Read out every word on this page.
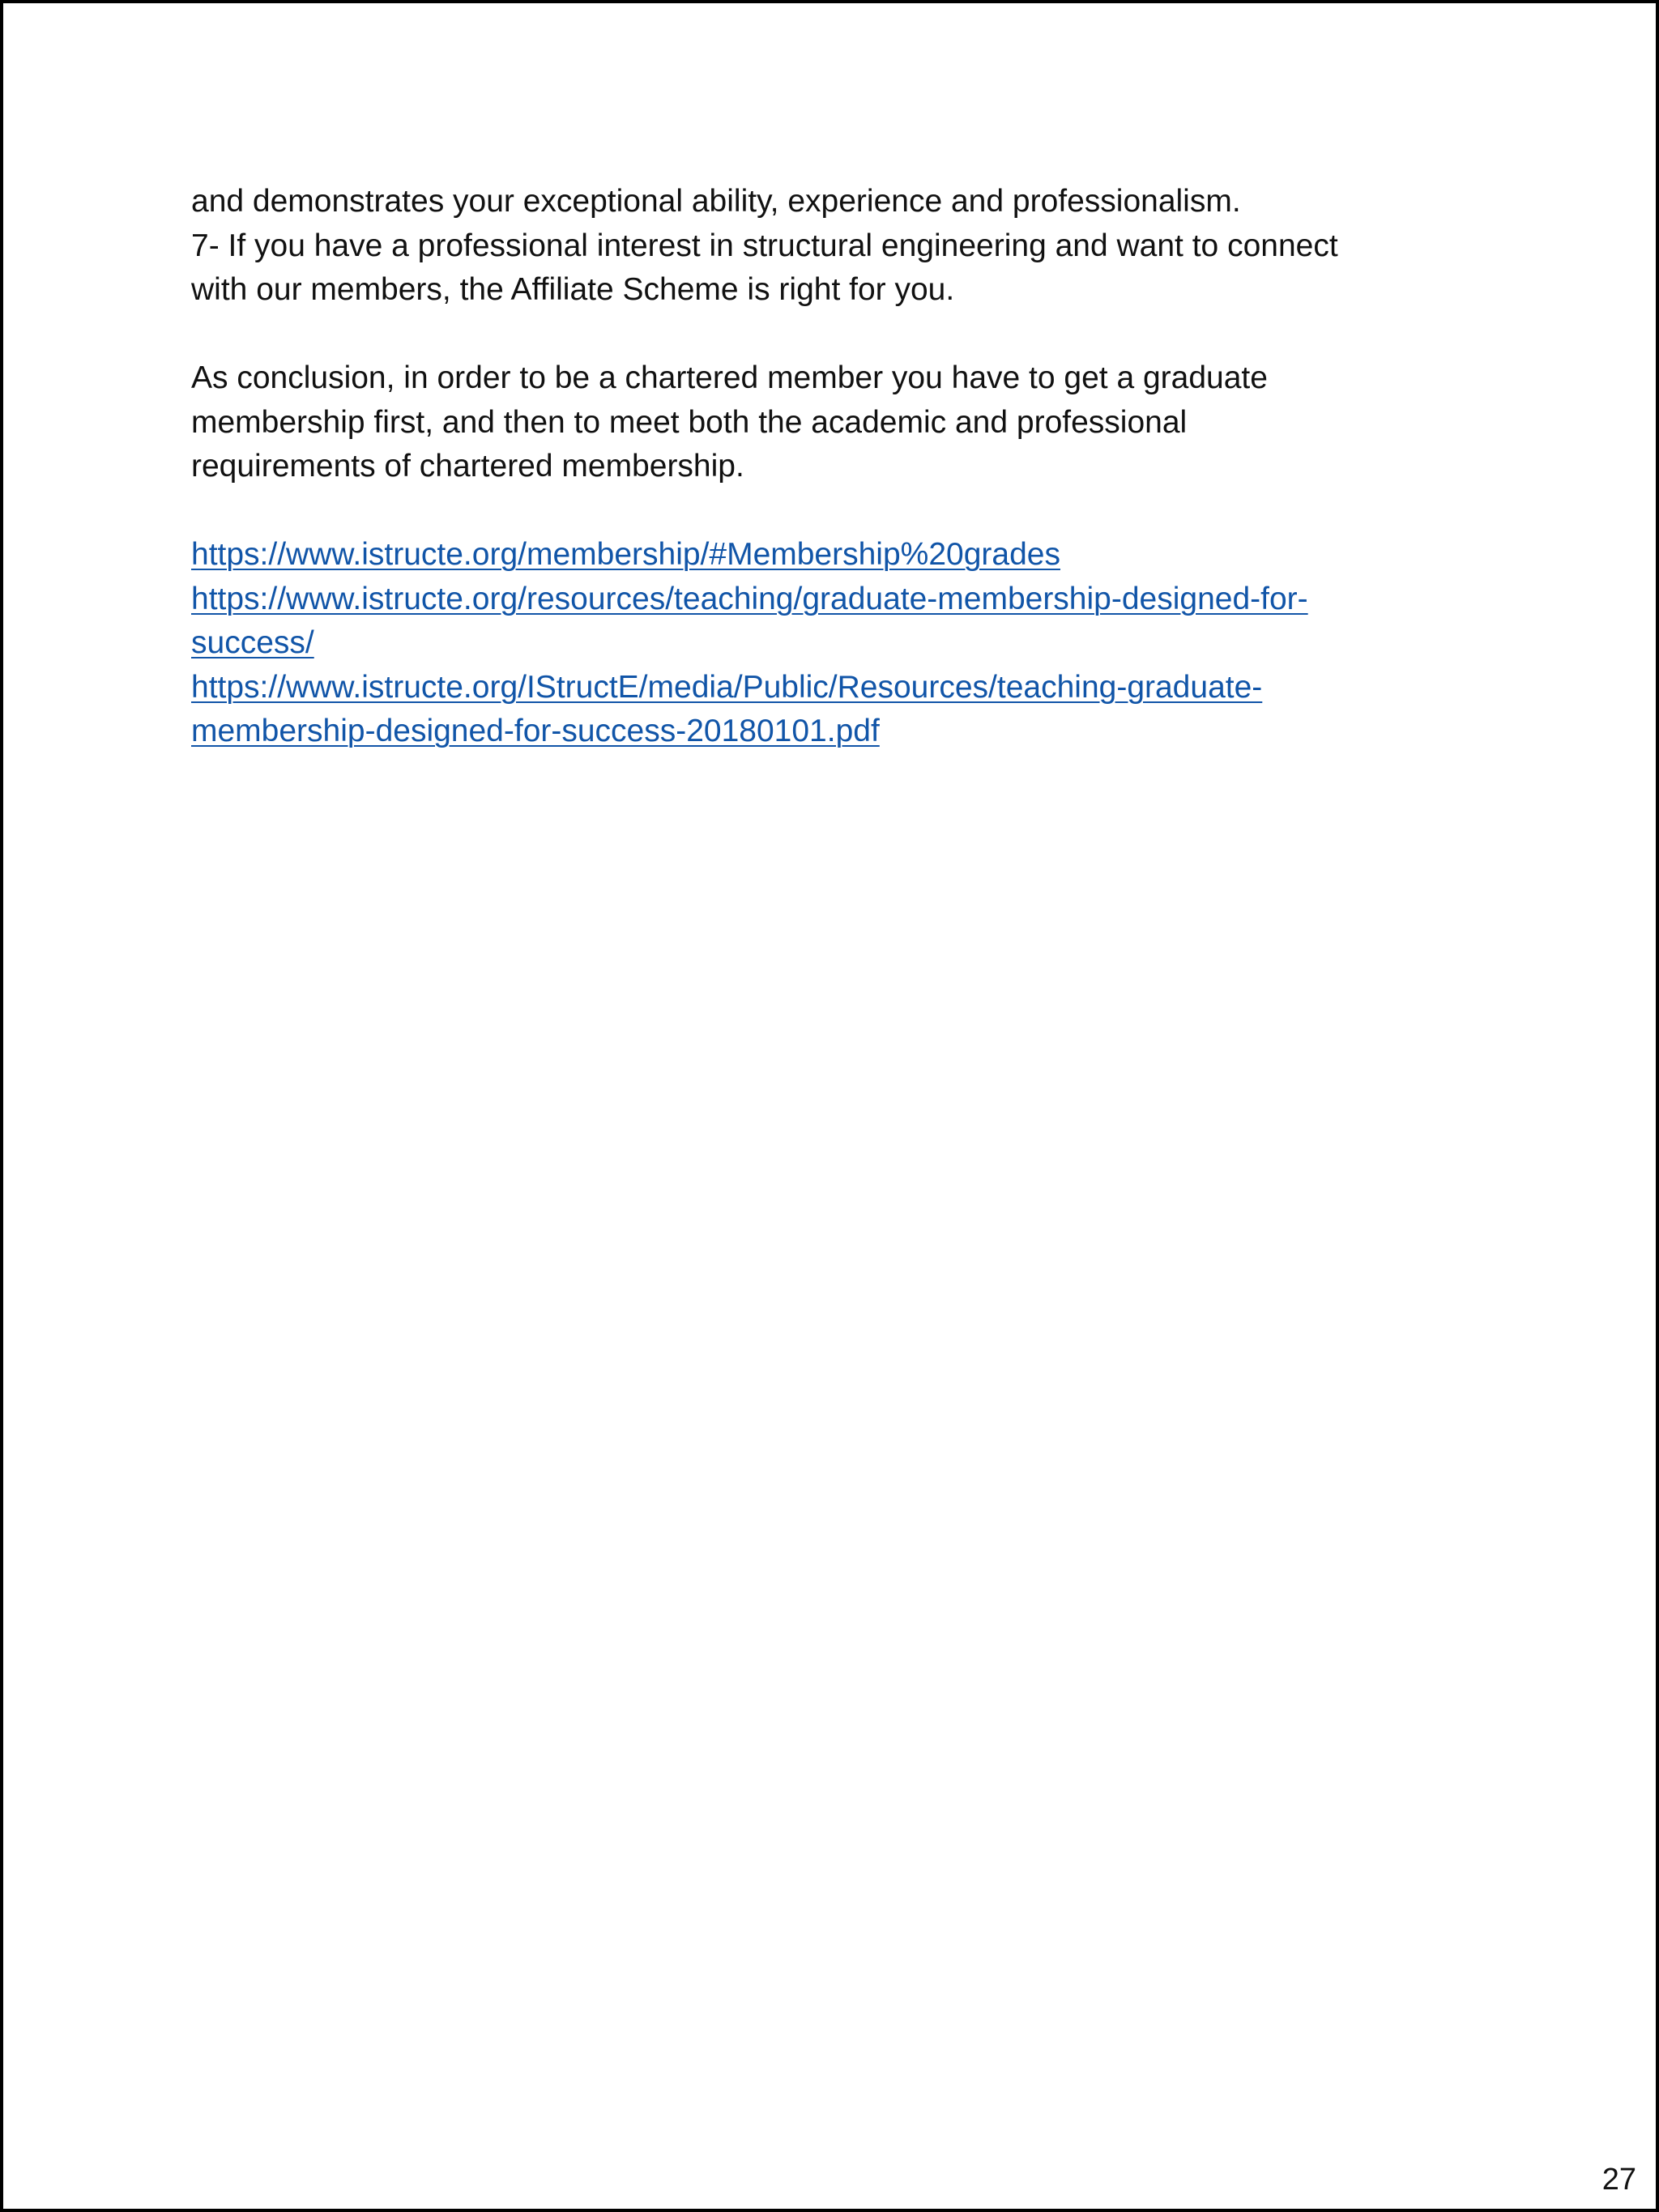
and demonstrates your exceptional ability, experience and professionalism.
7- If you have a professional interest in structural engineering and want to connect
with our members, the Affiliate Scheme is right for you.
As conclusion, in order to be a chartered member you have to get a graduate
membership first, and then to meet both the academic and professional
requirements of chartered membership.
https://www.istructe.org/membership/#Membership%20grades
https://www.istructe.org/resources/teaching/graduate-membership-designed-for-
success/
https://www.istructe.org/IStructE/media/Public/Resources/teaching-graduate-
membership-designed-for-success-20180101.pdf
27
